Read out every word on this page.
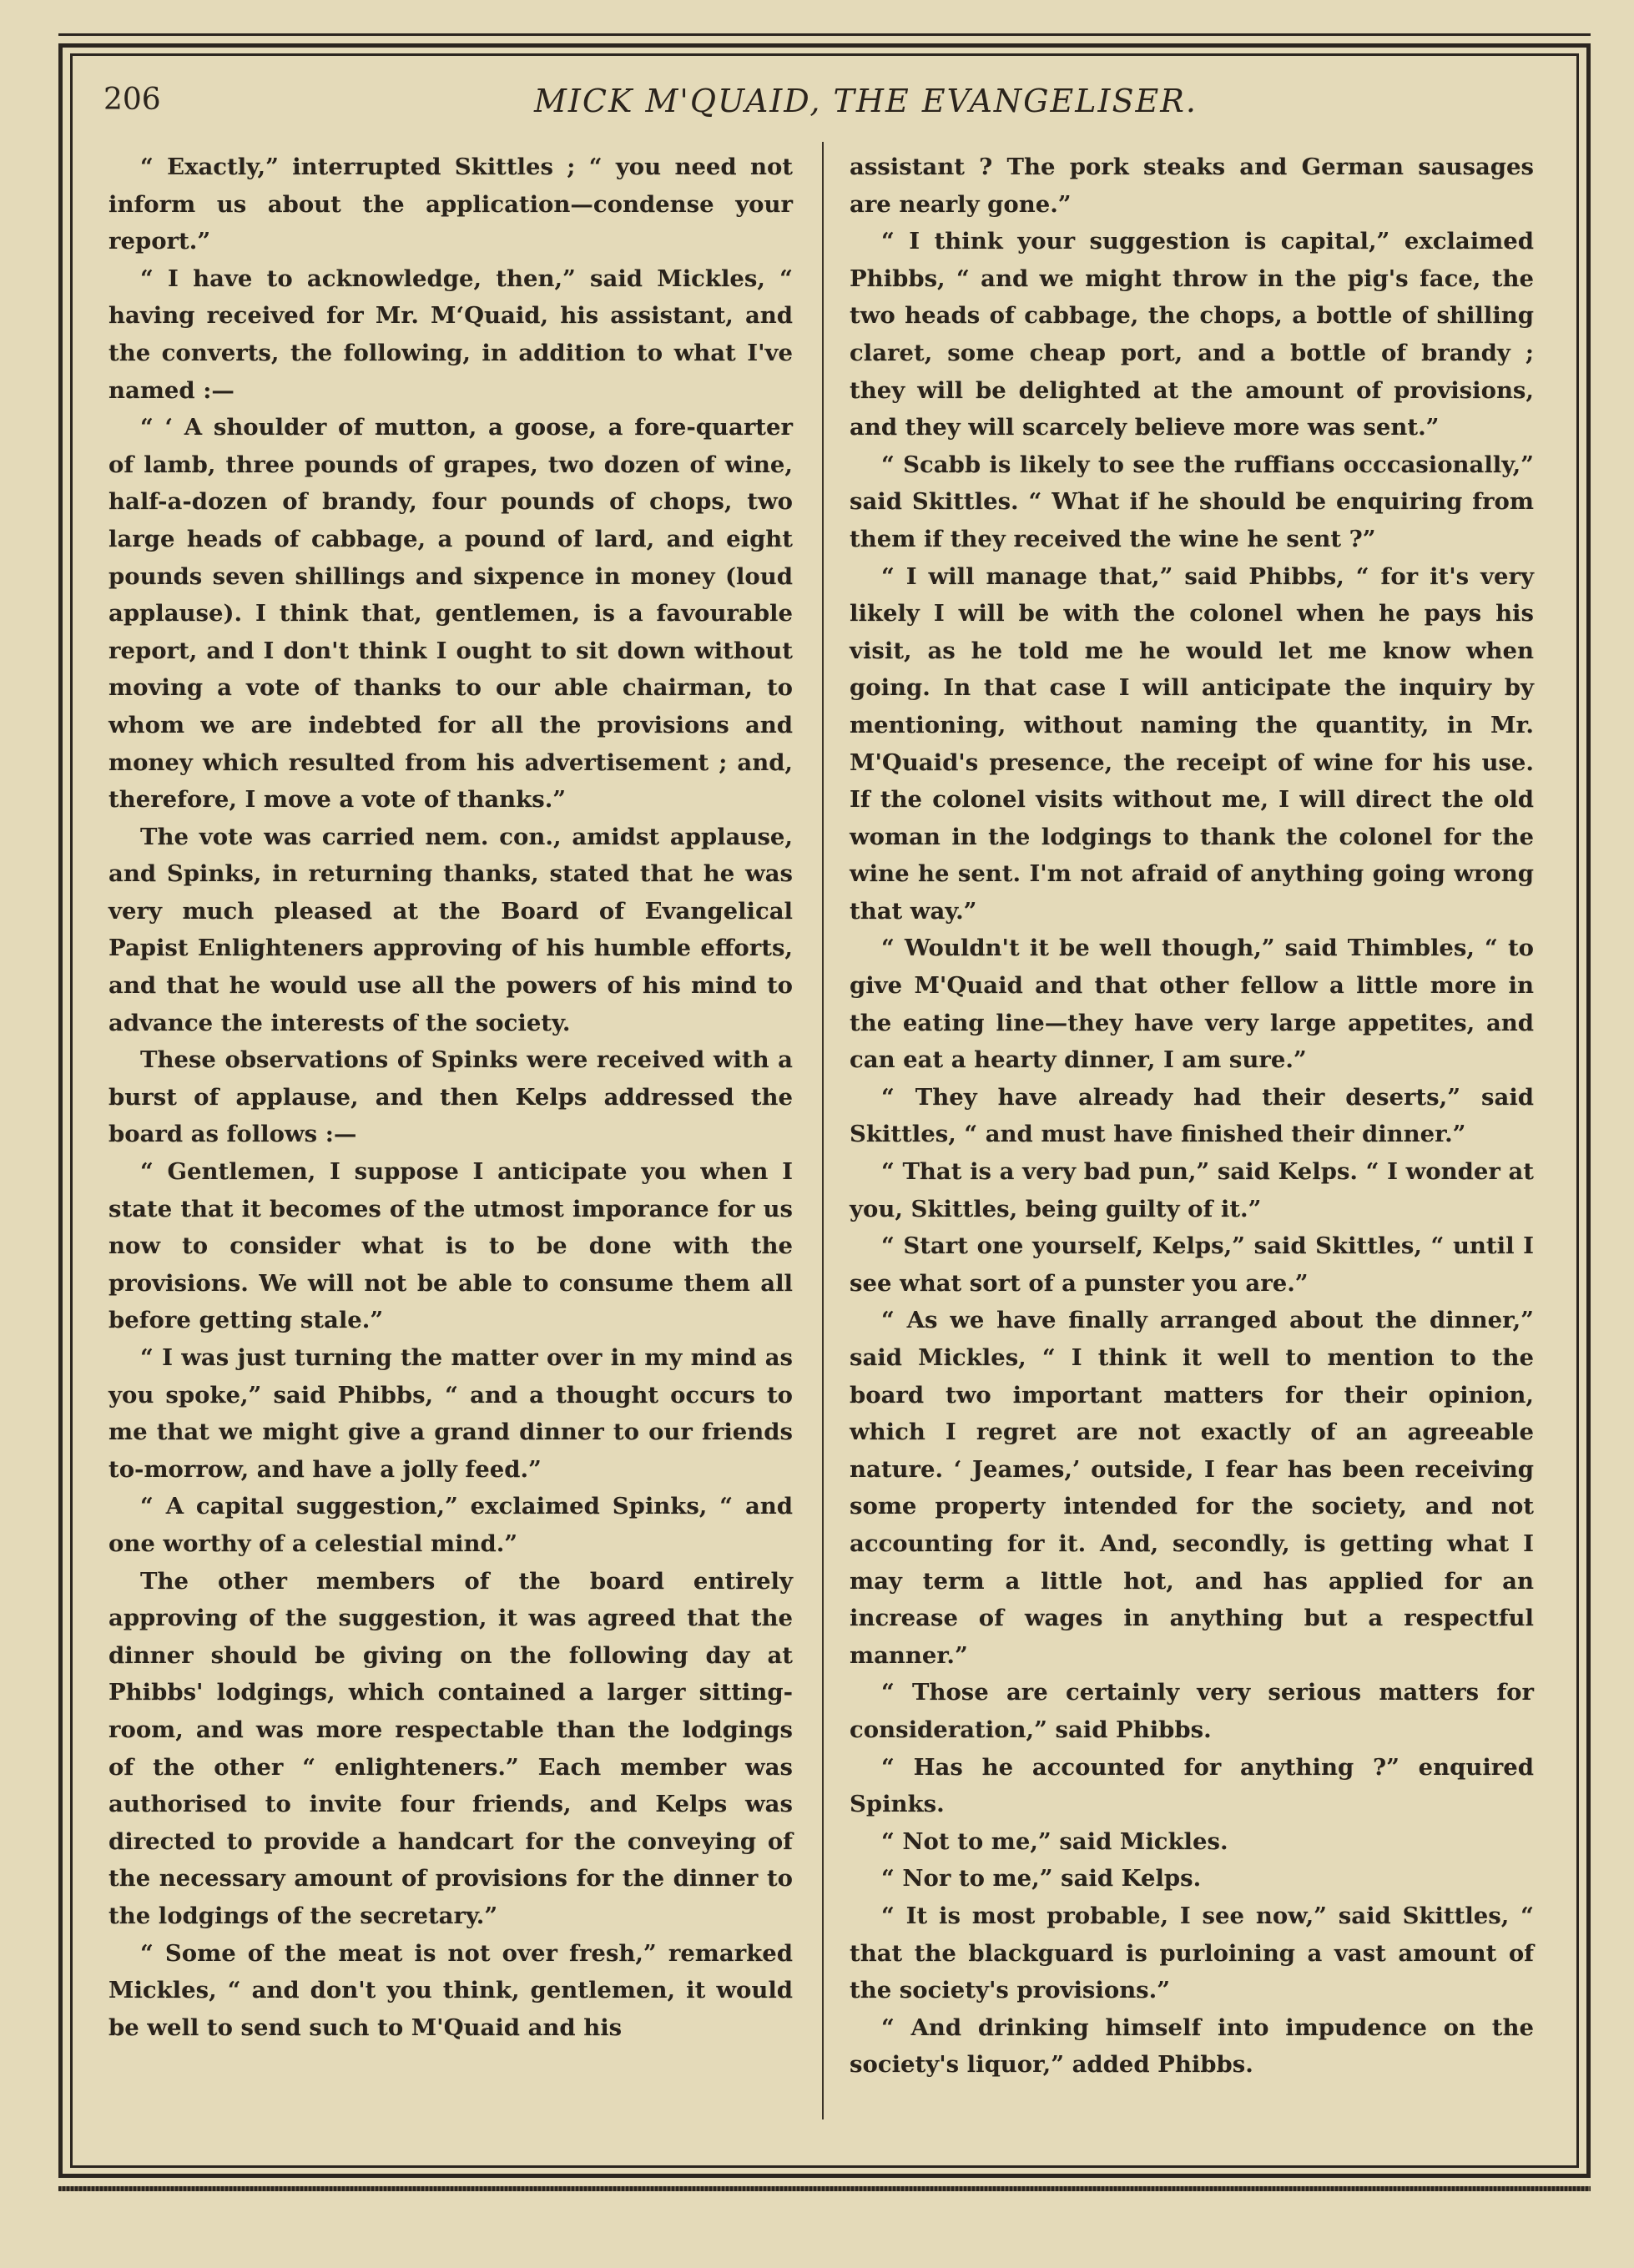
206	MICK M'QUAID, THE EVANGELISER.

“ Exactly,” interrupted Skittles ; “ you need not inform us about the application—condense your report.”

“ I have to acknowledge, then,” said Mickles, “ having received for Mr. M‘Quaid, his assistant, and the converts, the following, in addition to what I've named :—

“ ‘ A shoulder of mutton, a goose, a fore-quarter of lamb, three pounds of grapes, two dozen of wine, half-a-dozen of brandy, four pounds of chops, two large heads of cabbage, a pound of lard, and eight pounds seven shillings and sixpence in money (loud applause). I think that, gentlemen, is a favourable report, and I don't think I ought to sit down without moving a vote of thanks to our able chairman, to whom we are indebted for all the provisions and money which resulted from his advertisement ; and, therefore, I move a vote of thanks.”

The vote was carried nem. con., amidst applause, and Spinks, in returning thanks, stated that he was very much pleased at the Board of Evangelical Papist Enlighteners approving of his humble efforts, and that he would use all the powers of his mind to advance the interests of the society.

These observations of Spinks were received with a burst of applause, and then Kelps addressed the board as follows :—

“ Gentlemen, I suppose I anticipate you when I state that it becomes of the utmost imporance for us now to consider what is to be done with the provisions. We will not be able to consume them all before getting stale.”

“ I was just turning the matter over in my mind as you spoke,” said Phibbs, “ and a thought occurs to me that we might give a grand dinner to our friends to-morrow, and have a jolly feed.”

“ A capital suggestion,” exclaimed Spinks, “ and one worthy of a celestial mind.”

The other members of the board entirely approving of the suggestion, it was agreed that the dinner should be giving on the following day at Phibbs' lodgings, which contained a larger sitting-room, and was more respectable than the lodgings of the other “ enlighteners.” Each member was authorised to invite four friends, and Kelps was directed to provide a handcart for the conveying of the necessary amount of provisions for the dinner to the lodgings of the secretary.”

“ Some of the meat is not over fresh,” remarked Mickles, “ and don't you think, gentlemen, it would be well to send such to M'Quaid and his

assistant ? The pork steaks and German sausages are nearly gone.”

“ I think your suggestion is capital,” exclaimed Phibbs, “ and we might throw in the pig's face, the two heads of cabbage, the chops, a bottle of shilling claret, some cheap port, and a bottle of brandy ; they will be delighted at the amount of provisions, and they will scarcely believe more was sent.”

“ Scabb is likely to see the ruffians occcasionally,” said Skittles. “ What if he should be enquiring from them if they received the wine he sent ?”

“ I will manage that,” said Phibbs, “ for it's very likely I will be with the colonel when he pays his visit, as he told me he would let me know when going. In that case I will anticipate the inquiry by mentioning, without naming the quantity, in Mr. M'Quaid's presence, the receipt of wine for his use. If the colonel visits without me, I will direct the old woman in the lodgings to thank the colonel for the wine he sent. I'm not afraid of anything going wrong that way.”

“ Wouldn't it be well though,” said Thimbles, “ to give M'Quaid and that other fellow a little more in the eating line—they have very large appetites, and can eat a hearty dinner, I am sure.”

“ They have already had their deserts,” said Skittles, “ and must have finished their dinner.”

“ That is a very bad pun,” said Kelps. “ I wonder at you, Skittles, being guilty of it.”

“ Start one yourself, Kelps,” said Skittles, “ until I see what sort of a punster you are.”

“ As we have finally arranged about the dinner,” said Mickles, “ I think it well to mention to the board two important matters for their opinion, which I regret are not exactly of an agreeable nature. ‘ Jeames,’ outside, I fear has been receiving some property intended for the society, and not accounting for it. And, secondly, is getting what I may term a little hot, and has applied for an increase of wages in anything but a respectful manner.”

“ Those are certainly very serious matters for consideration,” said Phibbs.

“ Has he accounted for anything ?” enquired Spinks.

“ Not to me,” said Mickles.

“ Nor to me,” said Kelps.

“ It is most probable, I see now,” said Skittles, “ that the blackguard is purloining a vast amount of the society's provisions.”

“ And drinking himself into impudence on the society's liquor,” added Phibbs.
